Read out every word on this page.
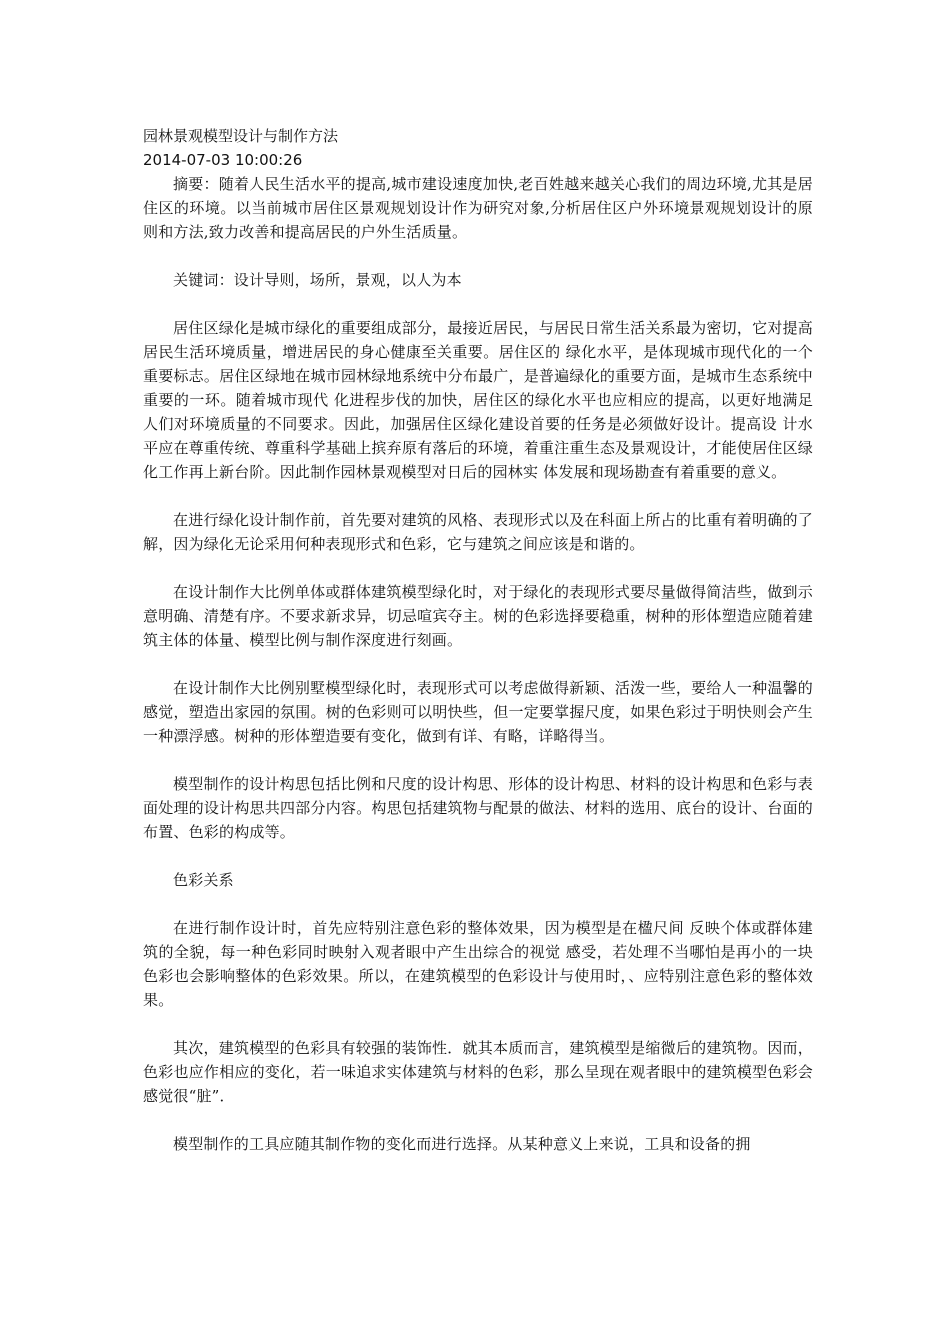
园林景观模型设计与制作方法
2014-07-03 10:00:26

摘要：随着人民生活水平的提高,城市建设速度加快,老百姓越来越关心我们的周边环境,尤其是居住区的环境。以当前城市居住区景观规划设计作为研究对象,分析居住区户外环境景观规划设计的原则和方法,致力改善和提高居民的户外生活质量。

关键词：设计导则，场所，景观，以人为本

居住区绿化是城市绿化的重要组成部分，最接近居民，与居民日常生活关系最为密切，它对提高居民生活环境质量，增进居民的身心健康至关重要。居住区的 绿化水平，是体现城市现代化的一个重要标志。居住区绿地在城市园林绿地系统中分布最广，是普遍绿化的重要方面，是城市生态系统中重要的一环。随着城市现代 化进程步伐的加快，居住区的绿化水平也应相应的提高，以更好地满足人们对环境质量的不同要求。因此，加强居住区绿化建设首要的任务是必须做好设计。提高设 计水平应在尊重传统、尊重科学基础上摈弃原有落后的环境，着重注重生态及景观设计，才能使居住区绿化工作再上新台阶。因此制作园林景观模型对日后的园林实 体发展和现场勘查有着重要的意义。

在进行绿化设计制作前，首先要对建筑的风格、表现形式以及在科面上所占的比重有着明确的了解，因为绿化无论采用何种表现形式和色彩，它与建筑之间应该是和谐的。

在设计制作大比例单体或群体建筑模型绿化时，对于绿化的表现形式要尽量做得简洁些，做到示意明确、清楚有序。不要求新求异，切忌喧宾夺主。树的色彩选择要稳重，树种的形体塑造应随着建筑主体的体量、模型比例与制作深度进行刻画。

在设计制作大比例别墅模型绿化时，表现形式可以考虑做得新颖、活泼一些，要给人一种温馨的感觉，塑造出家园的氛围。树的色彩则可以明快些，但一定要掌握尺度，如果色彩过于明快则会产生一种漂浮感。树种的形体塑造要有变化，做到有详、有略，详略得当。

模型制作的设计构思包括比例和尺度的设计构思、形体的设计构思、材料的设计构思和色彩与表面处理的设计构思共四部分内容。构思包括建筑物与配景的做法、材料的选用、底台的设计、台面的布置、色彩的构成等。

色彩关系

在进行制作设计时，首先应特别注意色彩的整体效果，因为模型是在楹尺间 反映个体或群体建筑的全貌，每一种色彩同时映射入观者眼中产生出综合的视觉 感受，若处理不当哪怕是再小的一块色彩也会影响整体的色彩效果。所以，在建筑模型的色彩设计与使用时，、应特别注意色彩的整体效果。

其次，建筑模型的色彩具有较强的装饰性．就其本质而言，建筑模型是缩微后的建筑物。因而，色彩也应作相应的变化，若一味追求实体建筑与材料的色彩，那么呈现在观者眼中的建筑模型色彩会感觉很“脏”．

模型制作的工具应随其制作物的变化而进行选择。从某种意义上来说，工具和设备的拥
